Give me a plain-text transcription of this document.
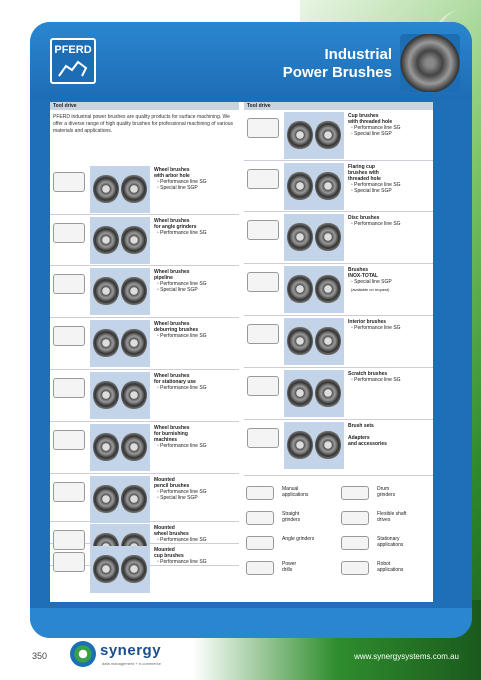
PFERD	Industrial
Power Brushes
Tool drive
PFERD industrial power brushes are quality products for surface machining. We offer a diverse range of high quality brushes for professional machining of various materials and applications.
Wheel brushes
with arbor hole
▫ Performance line SG
▫ Special line SGP
Wheel brushes
for angle grinders
▫ Performance line SG
Wheel brushes
pipeline
▫ Performance line SG
▫ Special line SGP
Wheel brushes
deburring brushes
▫ Performance line SG
Wheel brushes
for stationary use
▫ Performance line SG
Wheel brushes
for burnishing
machines
▫ Performance line SG
Mounted
pencil brushes
▫ Performance line SG
▫ Special line SGP
Mounted
wheel brushes
▫ Performance line SG
Mounted
cup brushes
▫ Performance line SG
Tool drive
Cup brushes
with threaded hole
▫ Performance line SG
▫ Special line SGP
Flaring cup
brushes with
threaded hole
▫ Performance line SG
▫ Special line SGP
Disc brushes
▫ Performance line SG
Brushes
INOX-TOTAL
▫ Special line SGP
(available on request)
Interior brushes
▫ Performance line SG
Scratch brushes
▫ Performance line SG
Brush sets

Adapters
and accessories
Manual
applications
Drum
grinders
Straight
grinders
Flexible shaft
drives
Angle grinders	Stationary
applications
Power
drills
Robot
applications
350	synergy
data management + e-commerce
www.synergysystems.com.au
